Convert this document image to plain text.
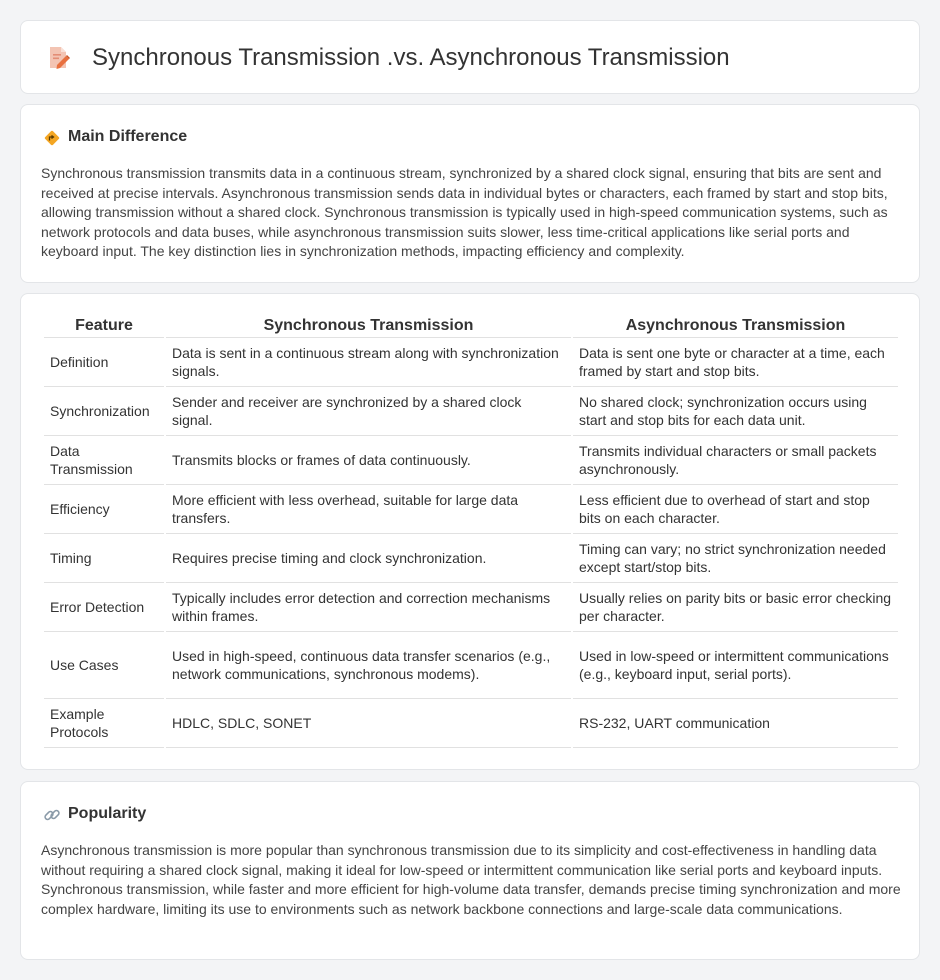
Synchronous Transmission .vs. Asynchronous Transmission
Main Difference

Synchronous transmission transmits data in a continuous stream, synchronized by a shared clock signal, ensuring that bits are sent and received at precise intervals. Asynchronous transmission sends data in individual bytes or characters, each framed by start and stop bits, allowing transmission without a shared clock. Synchronous transmission is typically used in high-speed communication systems, such as network protocols and data buses, while asynchronous transmission suits slower, less time-critical applications like serial ports and keyboard input. The key distinction lies in synchronization methods, impacting efficiency and complexity.

Feature	Synchronous Transmission	Asynchronous Transmission
Definition	Data is sent in a continuous stream along with synchronization signals.	Data is sent one byte or character at a time, each framed by start and stop bits.
Synchronization	Sender and receiver are synchronized by a shared clock signal.	No shared clock; synchronization occurs using start and stop bits for each data unit.
Data Transmission	Transmits blocks or frames of data continuously.	Transmits individual characters or small packets asynchronously.
Efficiency	More efficient with less overhead, suitable for large data transfers.	Less efficient due to overhead of start and stop bits on each character.
Timing	Requires precise timing and clock synchronization.	Timing can vary; no strict synchronization needed except start/stop bits.
Error Detection	Typically includes error detection and correction mechanisms within frames.	Usually relies on parity bits or basic error checking per character.
Use Cases	Used in high-speed, continuous data transfer scenarios (e.g., network communications, synchronous modems).	Used in low-speed or intermittent communications (e.g., keyboard input, serial ports).
Example Protocols	HDLC, SDLC, SONET	RS-232, UART communication
Popularity

Asynchronous transmission is more popular than synchronous transmission due to its simplicity and cost-effectiveness in handling data without requiring a shared clock signal, making it ideal for low-speed or intermittent communication like serial ports and keyboard inputs. Synchronous transmission, while faster and more efficient for high-volume data transfer, demands precise timing synchronization and more complex hardware, limiting its use to environments such as network backbone connections and large-scale data communications.
